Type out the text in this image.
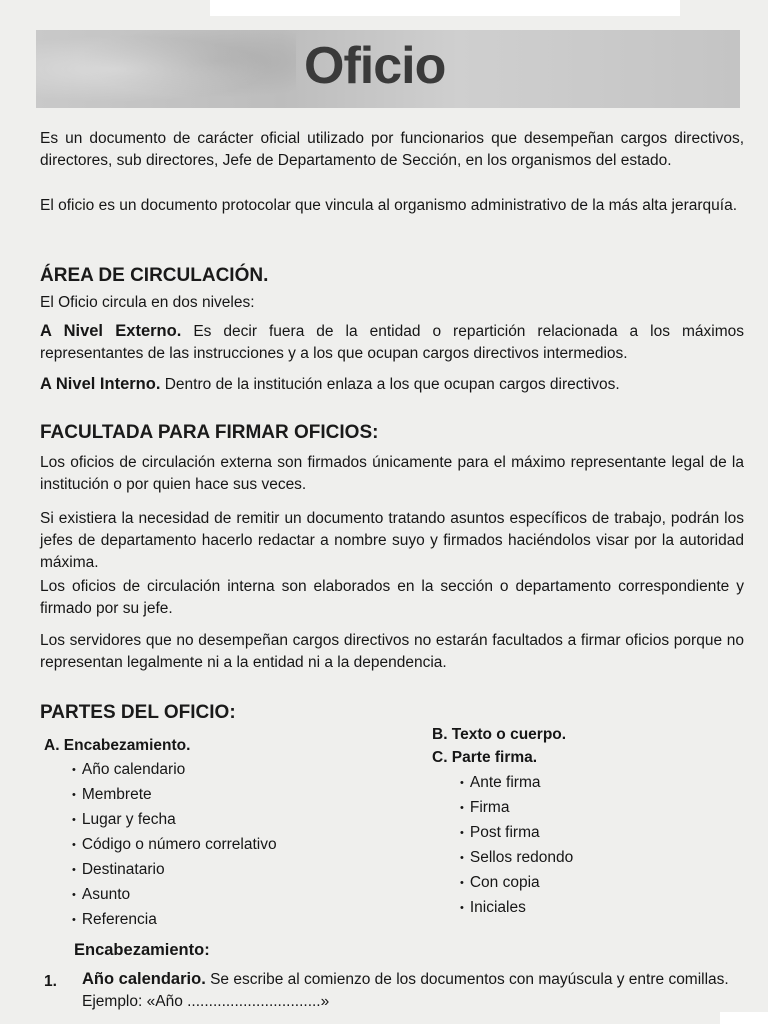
Oficio

Es un documento de carácter oficial utilizado por funcionarios que desempeñan cargos directivos, directores, sub directores, Jefe de Departamento de Sección, en los organismos del estado.

El oficio es un documento protocolar que vincula al organismo administrativo de la más alta jerarquía.

ÁREA DE CIRCULACIÓN.
El Oficio circula en dos niveles:

A Nivel Externo. Es decir fuera de la entidad o repartición relacionada a los máximos representantes de las instrucciones y a los que ocupan cargos directivos intermedios.

A Nivel Interno. Dentro de la institución enlaza a los que ocupan cargos directivos.

FACULTADA PARA FIRMAR OFICIOS:

Los oficios de circulación externa son firmados únicamente para el máximo representante legal de la institución o por quien hace sus veces.

Si existiera la necesidad de remitir un documento tratando asuntos específicos de trabajo, podrán los jefes de departamento hacerlo redactar a nombre suyo y firmados haciéndolos visar por la autoridad máxima.

Los oficios de circulación interna son elaborados en la sección o departamento correspondiente y firmado por su jefe.

Los servidores que no desempeñan cargos directivos no estarán facultados a firmar oficios porque no representan legalmente ni a la entidad ni a la dependencia.

PARTES DEL OFICIO:
A. Encabezamiento.
• Año calendario
• Membrete
• Lugar y fecha
• Código o número correlativo
• Destinatario
• Asunto
• Referencia
B. Texto o cuerpo.
C. Parte firma.
• Ante firma
• Firma
• Post firma
• Sellos redondo
• Con copia
• Iniciales
Encabezamiento:
1. Año calendario. Se escribe al comienzo de los documentos con mayúscula y entre comillas. Ejemplo: «Año ...............................»
